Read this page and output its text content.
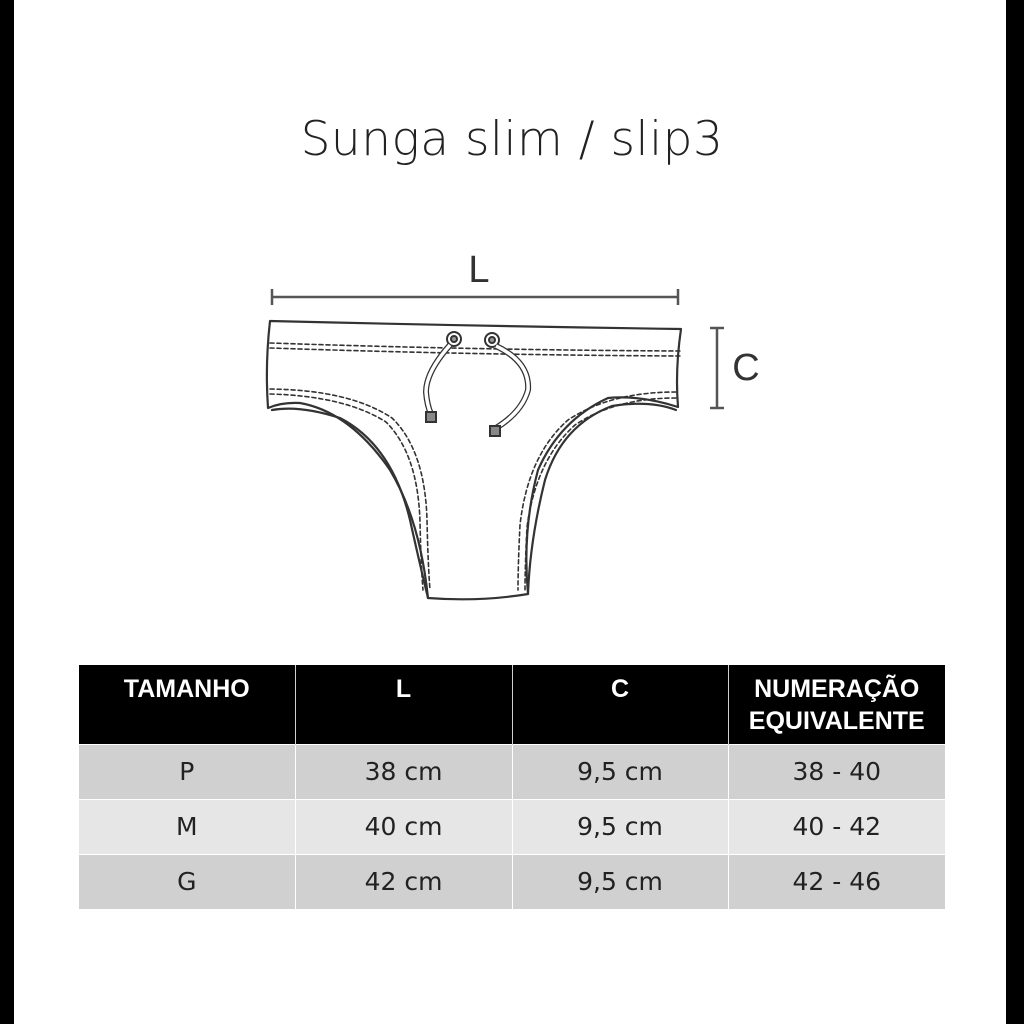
Sunga slim / slip3
L
C
TAMANHO	L	C	NUMERAÇÃO EQUIVALENTE
P	38 cm	9,5 cm	38 - 40
M	40 cm	9,5 cm	40 - 42
G	42 cm	9,5 cm	42 - 46
